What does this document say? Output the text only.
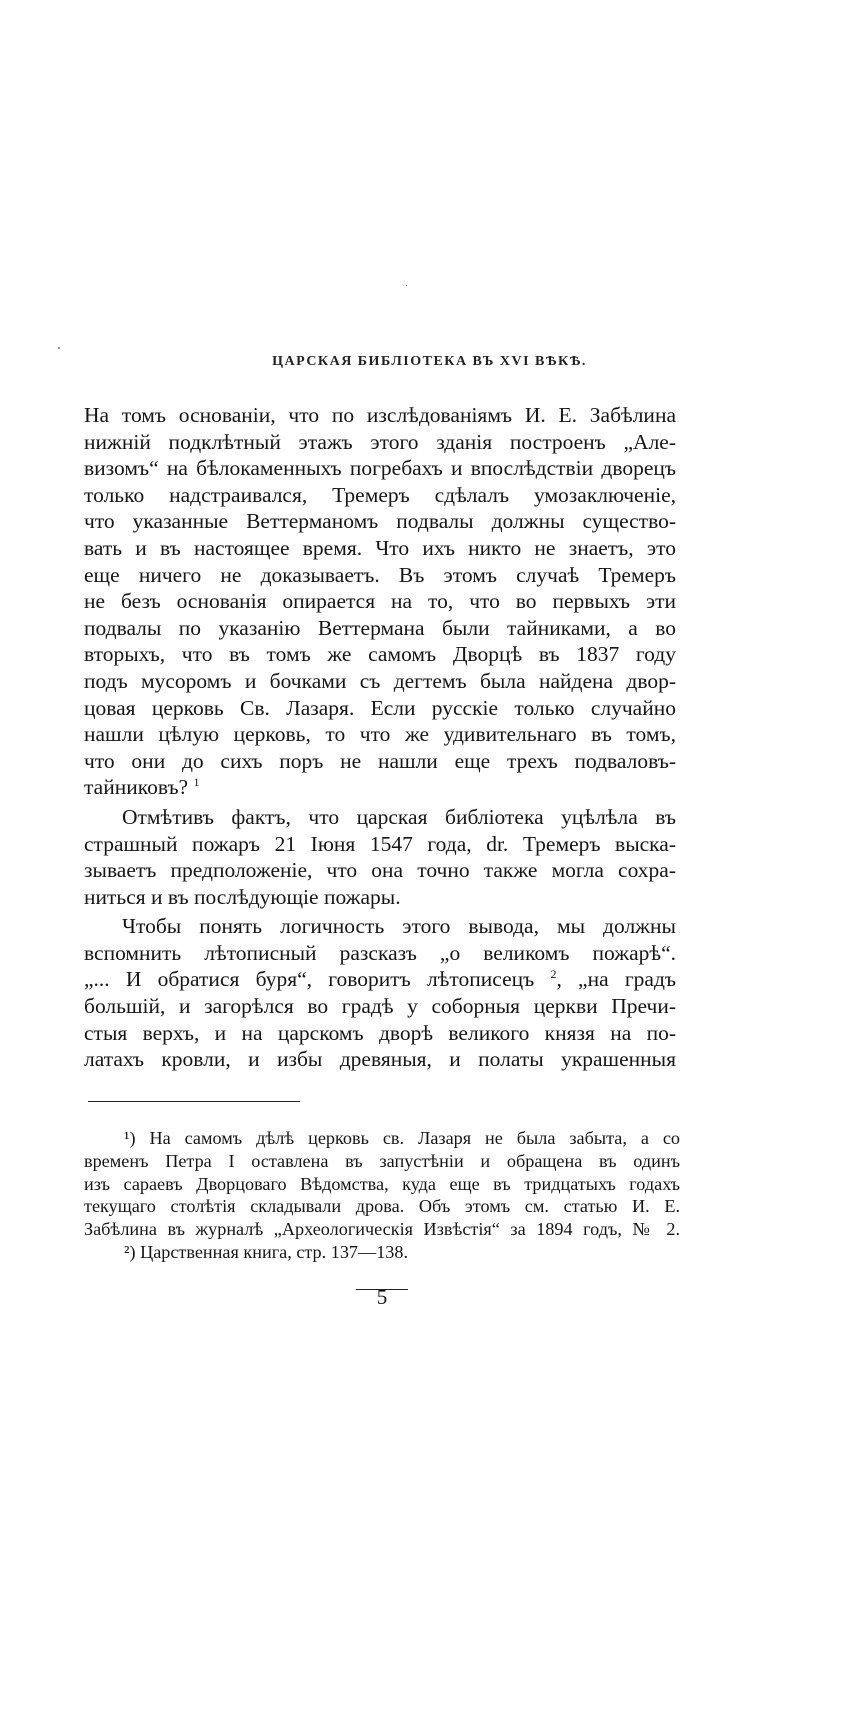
ЦАРСКАЯ БИБЛІОТЕКА ВЪ XVI ВѢКѢ.
На томъ основаніи, что по изслѣдованіямъ И. Е. Забѣлина
нижній подклѣтный этажъ этого зданія построенъ „Але-
визомъ“ на бѣлокаменныхъ погребахъ и впослѣдствіи дворецъ
только надстраивался, Тремеръ сдѣлалъ умозаключеніе,
что указанные Веттерманомъ подвалы должны существо-
вать и въ настоящее время. Что ихъ никто не знаетъ, это
еще ничего не доказываетъ. Въ этомъ случаѣ Тремеръ
не безъ основанія опирается на то, что во первыхъ эти
подвалы по указанію Веттермана были тайниками, а во
вторыхъ, что въ томъ же самомъ Дворцѣ въ 1837 году
подъ мусоромъ и бочками съ дегтемъ была найдена двор-
цовая церковь Св. Лазаря. Если русскіе только случайно
нашли цѣлую церковь, то что же удивительнаго въ томъ,
что они до сихъ поръ не нашли еще трехъ подваловъ-
тайниковъ? $^1$
Отмѣтивъ фактъ, что царская библіотека уцѣлѣла въ
страшный пожаръ 21 Іюня 1547 года, dr. Тремеръ выска-
зываетъ предположеніе, что она точно также могла сохра-
ниться и въ послѣдующіе пожары.
Чтобы понять логичность этого вывода, мы должны
вспомнить лѣтописный разсказъ „о великомъ пожарѣ“.
„... И обратися буря“, говоритъ лѣтописецъ $^2$, „на градъ
большій, и загорѣлся во градѣ у соборныя церкви Пречи-
стыя верхъ, и на царскомъ дворѣ великого князя на по-
латахъ кровли, и избы древяныя, и полаты украшенныя
¹) На самомъ дѣлѣ церковь св. Лазаря не была забыта, а со
временъ Петра I оставлена въ запустѣніи и обращена въ одинъ
изъ сараевъ Дворцоваго Вѣдомства, куда еще въ тридцатыхъ годахъ
текущаго столѣтія складывали дрова. Объ этомъ см. статью И. Е.
Забѣлина въ журналѣ „Археологическія Извѣстія“ за 1894 годъ, № 2.
²) Царственная книга, стр. 137—138.
5
